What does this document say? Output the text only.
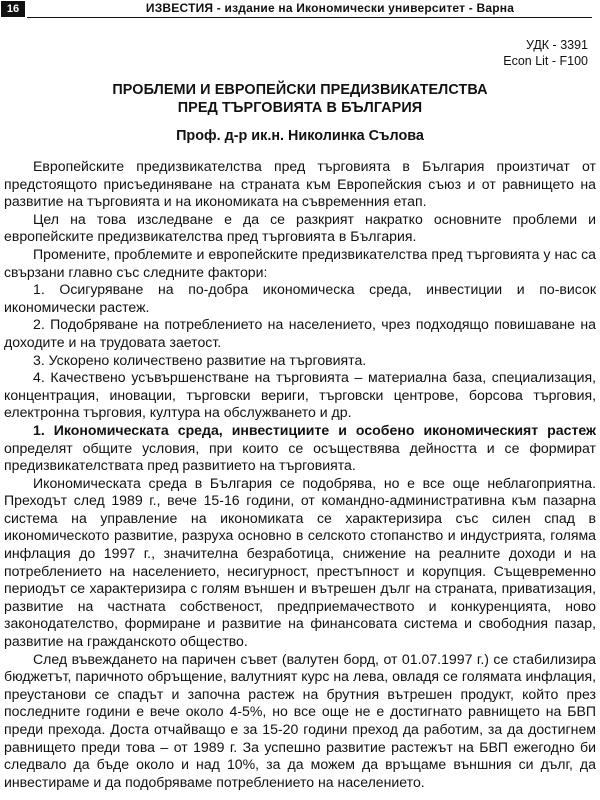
16	ИЗВЕСТИЯ - издание на Икономически университет - Варна
УДК - 3391
Econ Lit - F100
ПРОБЛЕМИ И ЕВРОПЕЙСКИ ПРЕДИЗВИКАТЕЛСТВА
ПРЕД ТЪРГОВИЯТА В БЪЛГАРИЯ
Проф. д-р ик.н. Николинка Сълова

Европейските предизвикателства пред търговията в България произтичат от предстоящото присъединяване на страната към Европейския съюз и от равнището на развитие на търговията и на икономиката на съвременния етап.

Цел на това изследване е да се разкрият накратко основните проблеми и европейските предизвикателства пред търговията в България.

Промените, проблемите и европейските предизвикателства пред търговията у нас са свързани главно със следните фактори:

1. Осигуряване на по-добра икономическа среда, инвестиции и по-висок икономически растеж.

2. Подобряване на потреблението на населението, чрез подходящо повишаване на доходите и на трудовата заетост.

3. Ускорено количествено развитие на търговията.

4. Качествено усъвършенстване на търговията – материална база, специализация, концентрация, иновации, търговски вериги, търговски центрове, борсова търговия, електронна търговия, култура на обслужването и др.

1. Икономическата среда, инвестициите и особено икономическият растеж определят общите условия, при които се осъществява дейността и се формират предизвикателствата пред развитието на търговията.

Икономическата среда в България се подобрява, но е все още неблагоприятна. Преходът след 1989 г., вече 15-16 години, от командно-административна към пазарна система на управление на икономиката се характеризира със силен спад в икономическото развитие, разруха основно в селското стопанство и индустрията, голяма инфлация до 1997 г., значителна безработица, снижение на реалните доходи и на потреблението на населението, несигурност, престъпност и корупция. Същевременно периодът се характеризира с голям външен и вътрешен дълг на страната, приватизация, развитие на частната собственост, предприемачеството и конкуренцията, ново законодателство, формиране и развитие на финансовата система и свободния пазар, развитие на гражданското общество.

След въвеждането на паричен съвет (валутен борд, от 01.07.1997 г.) се стабилизира бюджетът, паричното обръщение, валутният курс на лева, овладя се голямата инфлация, преустанови се спадът и започна растеж на брутния вътрешен продукт, който през последните години е вече около 4-5%, но все още не е достигнато равнището на БВП преди прехода. Доста отчайващо е за 15-20 години преход да работим, за да достигнем равнището преди това – от 1989 г. За успешно развитие растежът на БВП ежегодно би следвало да бъде около и над 10%, за да можем да връщаме външния си дълг, да инвестираме и да подобряваме потреблението на населението.
